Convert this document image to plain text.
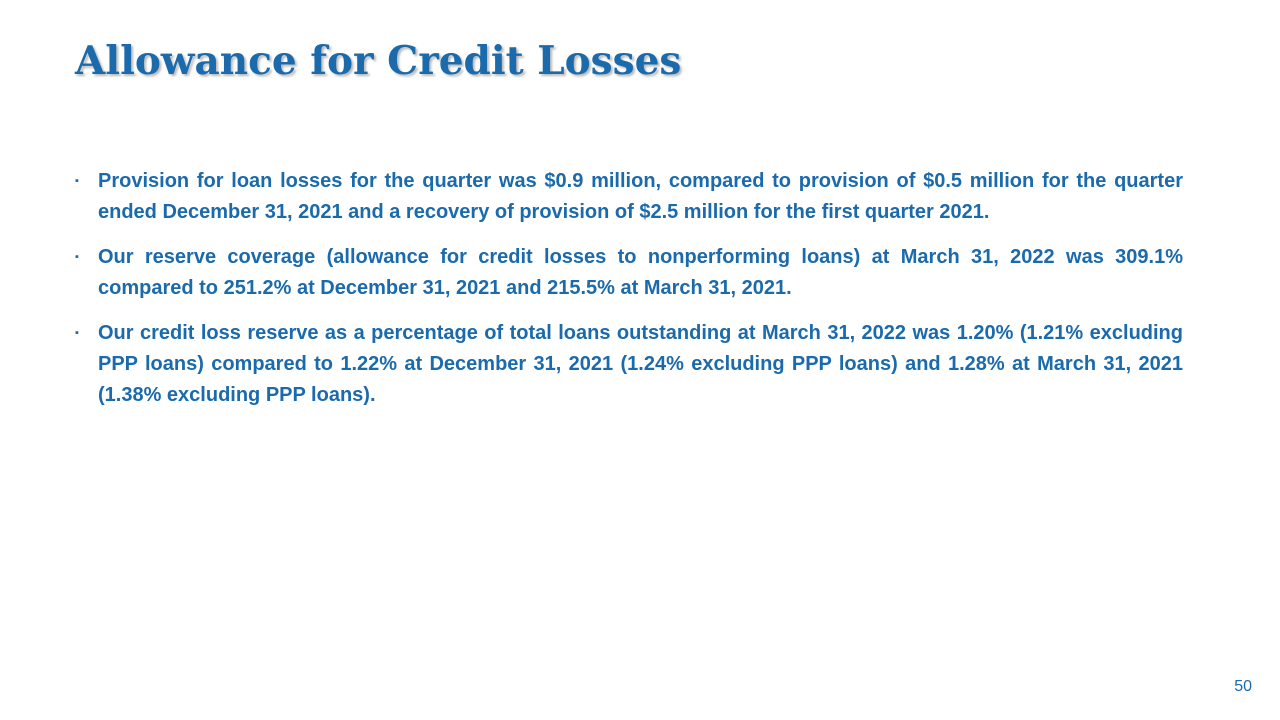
Allowance for Credit Losses
▪ Provision for loan losses for the quarter was $0.9 million, compared to provision of $0.5 million for the quarter ended December 31, 2021 and a recovery of provision of $2.5 million for the first quarter 2021.
▪ Our reserve coverage (allowance for credit losses to nonperforming loans) at March 31, 2022 was 309.1% compared to 251.2% at December 31, 2021 and 215.5% at March 31, 2021.
▪ Our credit loss reserve as a percentage of total loans outstanding at March 31, 2022 was 1.20% (1.21% excluding PPP loans) compared to 1.22% at December 31, 2021 (1.24% excluding PPP loans) and 1.28% at March 31, 2021 (1.38% excluding PPP loans).
50
